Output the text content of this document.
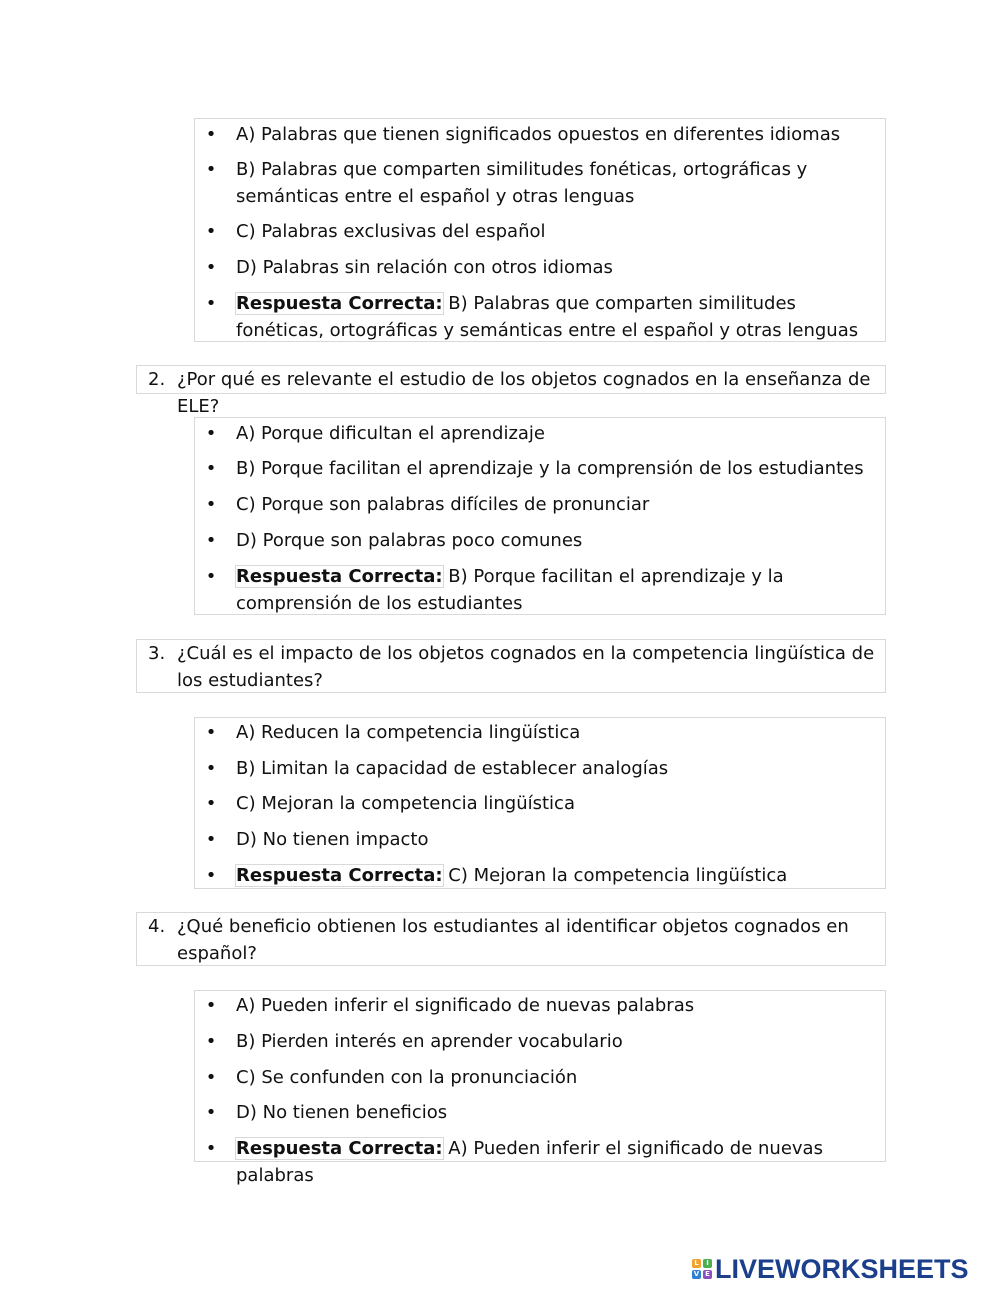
• A) Palabras que tienen significados opuestos en diferentes idiomas
• B) Palabras que comparten similitudes fonéticas, ortográficas y semánticas entre el español y otras lenguas
• C) Palabras exclusivas del español
• D) Palabras sin relación con otros idiomas
• Respuesta Correcta: B) Palabras que comparten similitudes fonéticas, ortográficas y semánticas entre el español y otras lenguas
2. ¿Por qué es relevante el estudio de los objetos cognados en la enseñanza de ELE?
• A) Porque dificultan el aprendizaje
• B) Porque facilitan el aprendizaje y la comprensión de los estudiantes
• C) Porque son palabras difíciles de pronunciar
• D) Porque son palabras poco comunes
• Respuesta Correcta: B) Porque facilitan el aprendizaje y la comprensión de los estudiantes
3. ¿Cuál es el impacto de los objetos cognados en la competencia lingüística de los estudiantes?
• A) Reducen la competencia lingüística
• B) Limitan la capacidad de establecer analogías
• C) Mejoran la competencia lingüística
• D) No tienen impacto
• Respuesta Correcta: C) Mejoran la competencia lingüística
4. ¿Qué beneficio obtienen los estudiantes al identificar objetos cognados en español?
• A) Pueden inferir el significado de nuevas palabras
• B) Pierden interés en aprender vocabulario
• C) Se confunden con la pronunciación
• D) No tienen beneficios
• Respuesta Correcta: A) Pueden inferir el significado de nuevas palabras
L	I
V E LIVEWORKSHEETS
